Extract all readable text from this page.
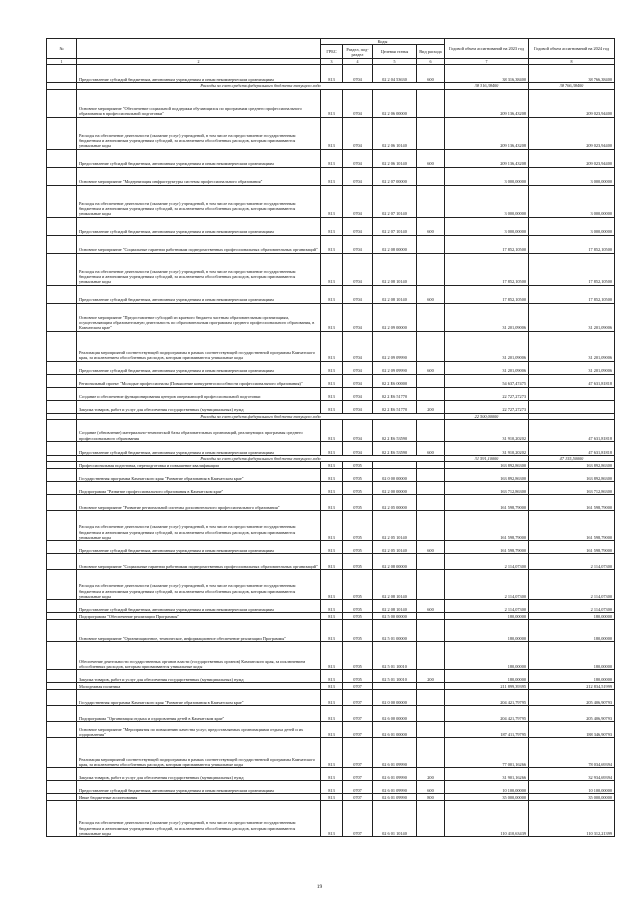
№		Коды				Годовой объем ассигнований на 2023 год	Годовой объем ассигнований на 2024 год
		ГРБС	Раздел, под-раздел	Целевая статья	Вид расхода		
1	2	3	4	5	6	7	8
	Предоставление субсидий бюджетным, автономным учреждениям и иным некоммерческим организациям	813	0704	02 2 04 53630	600	38 316,38400	38 766,38400
	Расходы за счет средств федерального бюджета текущего года					38 316,38400	38 766,38400
	Основное мероприятие "Обеспечение социальной поддержки обучающихся по программам среднего профессионального образования в профессиональной подготовки"	813	0704	02 2 06 00000		209 136,43208	209 023,94400
	Расходы на обеспечение деятельности (оказание услуг) учреждений, в том числе на предоставление государственным бюджетным и автономным учреждениям субсидий, за исключением обособленных расходов, которым присваиваются уникальные коды	813	0704	02 2 06 10140		209 136,43208	209 023,94400
	Предоставление субсидий бюджетным, автономным учреждениям и иным некоммерческим организациям	813	0704	02 2 06 10140	600	209 136,43208	209 023,94400
	Основное мероприятие "Модернизация инфраструктуры системы профессионального образования"	813	0704	02 2 07 00000		3 000,00000	3 000,00000
	Расходы на обеспечение деятельности (оказание услуг) учреждений, в том числе на предоставление государственным бюджетным и автономным учреждениям субсидий, за исключением обособленных расходов, которым присваиваются уникальные коды	813	0704	02 2 07 10140		3 000,00000	3 000,00000
	Предоставление субсидий бюджетным, автономным учреждениям и иным некоммерческим организациям	813	0704	02 2 07 10140	600	3 000,00000	3 000,00000
	Основное мероприятие "Социальные гарантии работникам подведомственных профессиональных образовательных организаций"	813	0704	02 2 08 00000		17 852,10500	17 852,10500
	Расходы на обеспечение деятельности (оказание услуг) учреждений, в том числе на предоставление государственным бюджетным и автономным учреждениям субсидий, за исключением обособленных расходов, которым присваиваются уникальные коды	813	0704	02 2 08 10140		17 852,10500	17 852,10500
	Предоставление субсидий бюджетным, автономным учреждениям и иным некоммерческим организациям	813	0704	02 2 08 10140	600	17 852,10500	17 852,10500
	Основное мероприятие "Предоставление субсидий из краевого бюджета частным образовательным организациям, осуществляющим образовательную деятельность по образовательным программам среднего профессионального образования, в Камчатском крае"	813	0704	02 2 09 00000		31 201,09006	31 201,09006
	Реализация мероприятий соответствующей подпрограммы в рамках соответствующей государственной программы Камчатского края, за исключением обособленных расходов, которым присваиваются уникальные коды	813	0704	02 2 09 09990		31 201,09006	31 201,09006
	Предоставление субсидий бюджетным, автономным учреждениям и иным некоммерческим организациям	813	0704	02 2 09 09990	600	31 201,09006	31 201,09006
	Региональный проект "Молодые профессионалы (Повышение конкурентоспособности профессионального образования)"	813	0704	02 2 E6 00000		54 637,47475	47 631,81818
	Создание и обеспечение функционирования центров опережающей профессиональной подготовки	813	0704	02 2 E6 51770		22 727,27273	
	Закупка товаров, работ и услуг для обеспечения государственных (муниципальных) нужд	813	0704	02 2 E6 51770	200	22 727,27273	
	Расходы за счет средств федерального бюджета текущего года					22 500,00000	
	Создание (обновление) материально-технической базы образовательных организаций, реализующих программы среднего профессионального образования	813	0704	02 2 E6 53590		31 910,20202	47 631,81818
	Предоставление субсидий бюджетным, автономным учреждениям и иным некоммерческим организациям	813	0704	02 2 E6 53590	600	31 910,20202	47 631,81818
	Расходы за счет средств федерального бюджета текущего года					31 591,10000	47 155,50000
	Профессиональная подготовка, переподготовка и повышение квалификации	813	0705			163 892,86300	163 892,86300
	Государственная программа Камчатского края "Развитие образования в Камчатском крае"	813	0705	02 0 00 00000		163 892,86300	163 892,86300
	Подпрограмма "Развитие профессионального образования в Камчатском крае"	813	0705	02 2 00 00000		163 712,86300	163 712,86300
	Основное мероприятие "Развитие региональной системы дополнительного профессионального образования"	813	0705	02 2 05 00000		161 598,79000	161 598,79000
	Расходы на обеспечение деятельности (оказание услуг) учреждений, в том числе на предоставление государственным бюджетным и автономным учреждениям субсидий, за исключением обособленных расходов, которым присваиваются уникальные коды	813	0705	02 2 05 10140		161 598,79000	161 598,79000
	Предоставление субсидий бюджетным, автономным учреждениям и иным некоммерческим организациям	813	0705	02 2 05 10140	600	161 598,79000	161 598,79000
	Основное мероприятие "Социальные гарантии работникам подведомственных профессиональных образовательных организаций"	813	0705	02 2 08 00000		2 114,07300	2 114,07300
	Расходы на обеспечение деятельности (оказание услуг) учреждений, в том числе на предоставление государственным бюджетным и автономным учреждениям субсидий, за исключением обособленных расходов, которым присваиваются уникальные коды	813	0705	02 2 08 10140		2 114,07300	2 114,07300
	Предоставление субсидий бюджетным, автономным учреждениям и иным некоммерческим организациям	813	0705	02 2 08 10140	600	2 114,07300	2 114,07300
	Подпрограмма "Обеспечение реализации Программы"	813	0705	02 5 00 00000		180,00000	180,00000
	Основное мероприятие "Организационное, техническое, информационное обеспечение реализации Программы"	813	0705	02 5 01 00000		180,00000	180,00000
	Обеспечение деятельности государственных органов власти (государственных органов) Камчатского края, за исключением обособленных расходов, которым присваиваются уникальные коды	813	0705	02 5 01 10010		180,00000	180,00000
	Закупка товаров, работ и услуг для обеспечения государственных (муниципальных) нужд	813	0705	02 5 01 10010	200	180,00000	180,00000
	Молодежная политика	813	0707			211 899,39395	212 834,51999
	Государственная программа Камчатского края "Развитие образования в Камчатском крае"	813	0707	02 0 00 00000		204 421,79795	205 406,90793
	Подпрограмма "Организация отдыха и оздоровления детей в Камчатском крае"	813	0707	02 6 00 00000		204 421,79795	205 406,90793
	Основное мероприятие "Мероприятия по повышению качества услуг, предоставляемых организациями отдыха детей и их оздоровления"	813	0707	02 6 01 00000		187 411,79795	188 346,90793
	Реализация мероприятий соответствующей подпрограммы в рамках соответствующей государственной программы Камчатского края, за исключением обособленных расходов, которым присваиваются уникальные коды	813	0707	02 6 01 09990		77 001,16266	78 034,69394
	Закупка товаров, работ и услуг для обеспечения государственных (муниципальных) нужд	813	0707	02 6 01 09990	200	31 901,16266	32 934,69394
	Предоставление субсидий бюджетным, автономным учреждениям и иным некоммерческим организациям	813	0707	02 6 01 09990	600	10 100,00000	10 100,00000
	Иные бюджетные ассигнования	813	0707	02 6 01 09990	800	35 000,00000	35 000,00000
	Расходы на обеспечение деятельности (оказание услуг) учреждений, в том числе на предоставление государственным бюджетным и автономным учреждениям субсидий, за исключением обособленных расходов, которым присваиваются уникальные коды	813	0707	02 6 01 10140		110 410,63439	110 312,21399
19
